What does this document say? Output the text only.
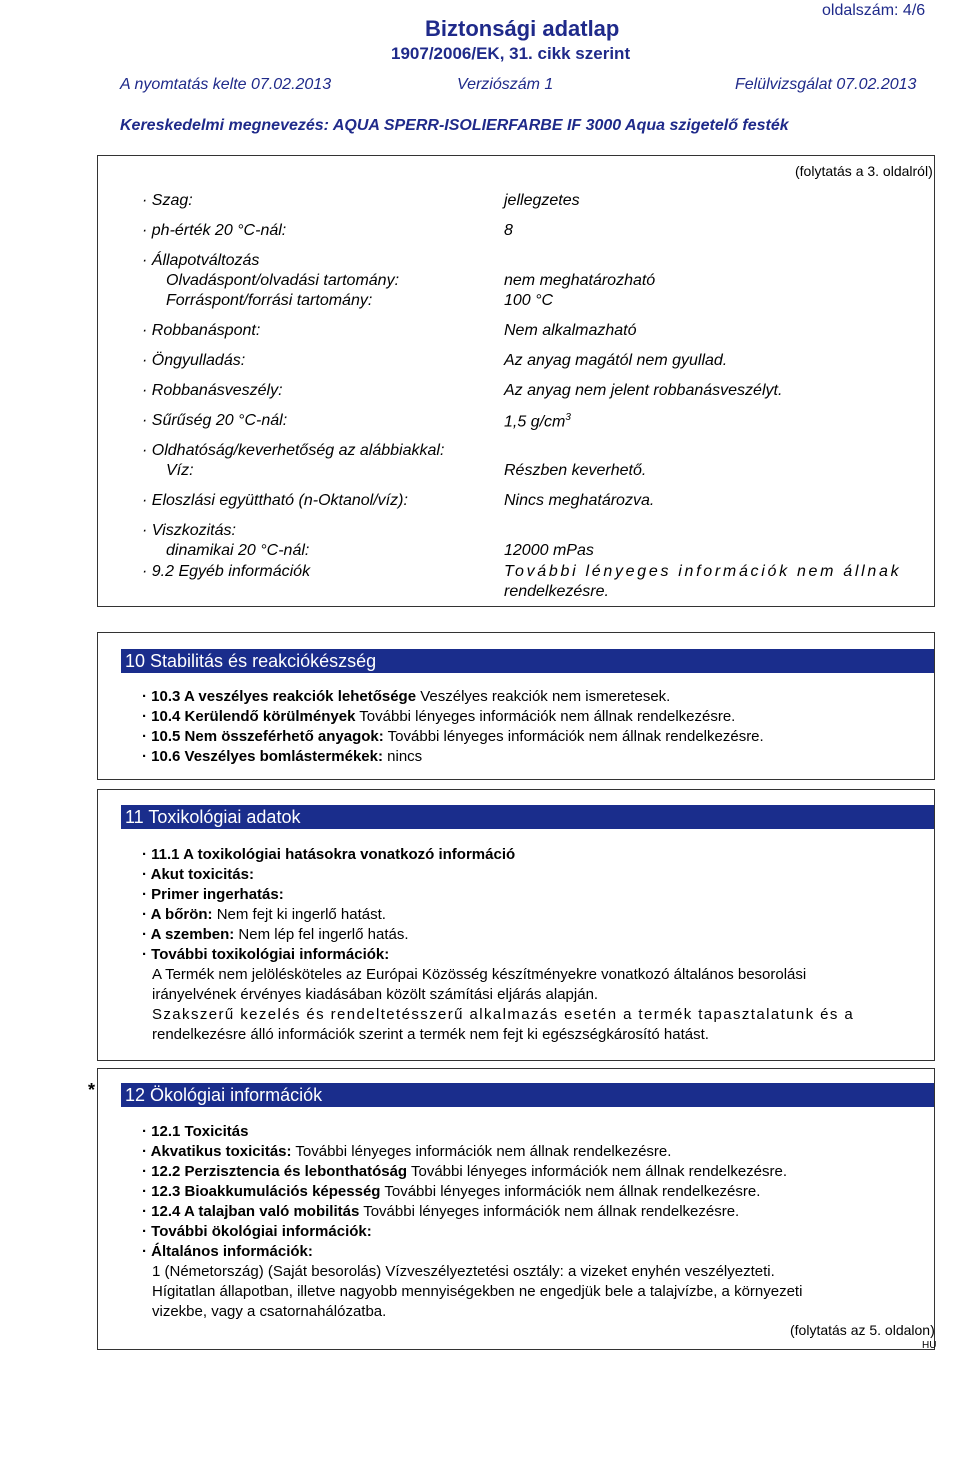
oldalszám: 4/6
Biztonsági adatlap
1907/2006/EK, 31. cikk szerint
A nyomtatás kelte 07.02.2013	Verziószám 1	Felülvizsgálat 07.02.2013
Kereskedelmi megnevezés: AQUA SPERR-ISOLIERFARBE IF 3000 Aqua szigetelő festék
(folytatás a 3. oldalról)
· Szag:	jellegzetes
· ph-érték 20 °C-nál:	8
· Állapotváltozás
Olvadáspont/olvadási tartomány:	nem meghatározható
Forráspont/forrási tartomány:	100 °C
· Robbanáspont:	Nem alkalmazható
· Öngyulladás:	Az anyag magától nem gyullad.
· Robbanásveszély:	Az anyag nem jelent robbanásveszélyt.
· Sűrűség 20 °C-nál:	1,5 $g/cm^3$
· Oldhatóság/keverhetőség az alábbiakkal:
Víz:	Részben keverhető.
· Eloszlási együttható (n-Oktanol/víz):	Nincs meghatározva.
· Viszkozitás:
dinamikai 20 °C-nál:	12000 mPas
· 9.2 Egyéb információk	További lényeges információk nem állnak
rendelkezésre.
10 Stabilitás és reakciókészség
· 10.3 A veszélyes reakciók lehetősége Veszélyes reakciók nem ismeretesek.
· 10.4 Kerülendő körülmények További lényeges információk nem állnak rendelkezésre.
· 10.5 Nem összeférhető anyagok: További lényeges információk nem állnak rendelkezésre.
· 10.6 Veszélyes bomlástermékek: nincs
11 Toxikológiai adatok
· 11.1 A toxikológiai hatásokra vonatkozó információ
· Akut toxicitás:
· Primer ingerhatás:
· A bőrön: Nem fejt ki ingerlő hatást.
· A szemben: Nem lép fel ingerlő hatás.
· További toxikológiai információk:
A Termék nem jelölésköteles az Európai Közösség készítményekre vonatkozó általános besorolási
irányelvének érvényes kiadásában közölt számítási eljárás alapján.
Szakszerű kezelés és rendeltetésszerű alkalmazás esetén a termék tapasztalatunk és a
rendelkezésre álló információk szerint a termék nem fejt ki egészségkárosító hatást.
* 12 Ökológiai információk
· 12.1 Toxicitás
· Akvatikus toxicitás: További lényeges információk nem állnak rendelkezésre.
· 12.2 Perzisztencia és lebonthatóság További lényeges információk nem állnak rendelkezésre.
· 12.3 Bioakkumulációs képesség További lényeges információk nem állnak rendelkezésre.
· 12.4 A talajban való mobilitás További lényeges információk nem állnak rendelkezésre.
· További ökológiai információk:
· Általános információk:
1 (Németország) (Saját besorolás) Vízveszélyeztetési osztály: a vizeket enyhén veszélyezteti.
Hígitatlan állapotban, illetve nagyobb mennyiségekben ne engedjük bele a talajvízbe, a környezeti
vizekbe, vagy a csatornahálózatba.
(folytatás az 5. oldalon)
HU
